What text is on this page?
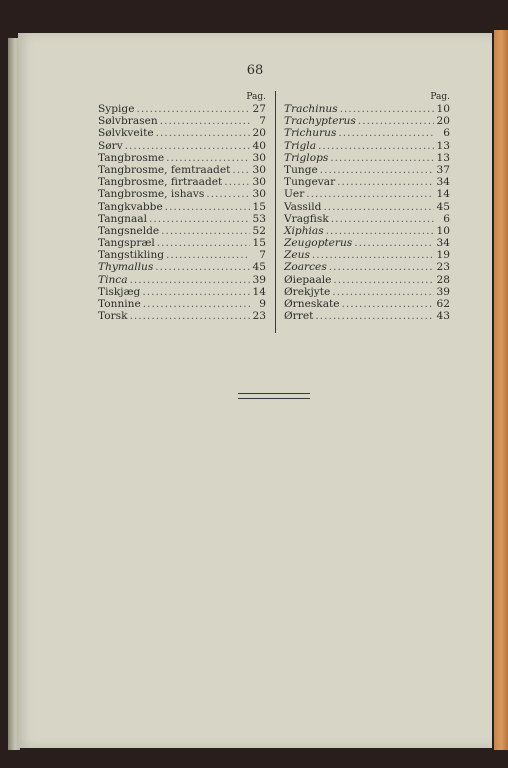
68
Pag.
Sypige .....	27
Sølvbrasen .....	7
Sølvkveite .....	20
Sørv .....	40
Tangbrosme .....	30
Tangbrosme, femtraadet ..... 30
Tangbrosme, firtraadet .....	30
Tangbrosme, ishavs .....	30
Tangkvabbe .....	15
Tangnaal .....	53
Tangsnelde .....	52
Tangspræl .....	15
Tangstikling .....	7
Thymallus .....	45
Tinca .....	39
Tiskjæg .....	14
Tonnine .....	9
Torsk .....	23
Pag.
Trachinus .....	10
Trachypterus .....	20
Trichurus .....	6
Trigla .....	13
Triglops .....	13
Tunge .....	37
Tungevar .....	34
Uer .....	14
Vassild .....	45
Vragfisk .....	6
Xiphias .....	10
Zeugopterus .....	34
Zeus .....	19
Zoarces .....	23
Øiepaale .....	28
Ørekjyte .....	39
Ørneskate .....	62
Ørret .....	43
